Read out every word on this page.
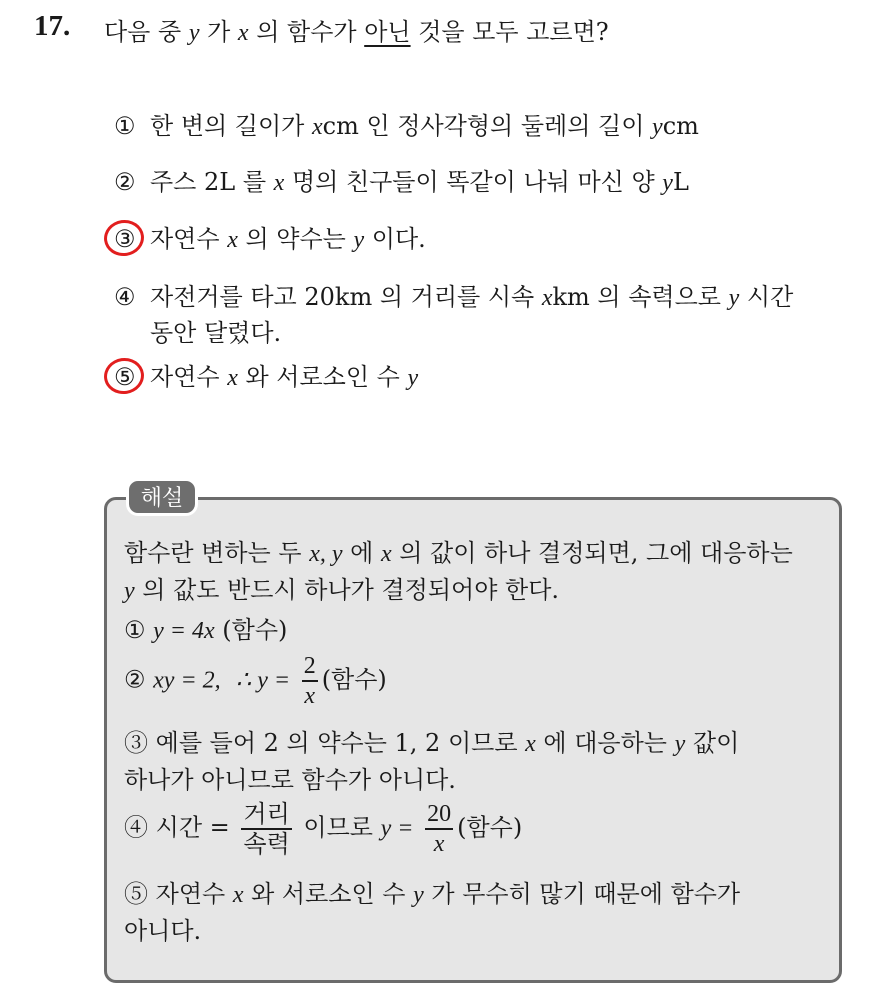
17. 다음 중 y 가 x 의 함수가 아닌 것을 모두 고르면?
① 한 변의 길이가 xcm 인 정사각형의 둘레의 길이 ycm
② 주스 2L 를 x 명의 친구들이 똑같이 나눠 마신 양 yL
③ 자연수 x 의 약수는 y 이다.
④ 자전거를 타고 20km 의 거리를 시속 xkm 의 속력으로 y 시간
동안 달렸다.
⑤ 자연수 x 와 서로소인 수 y
해설
함수란 변하는 두 x, y 에 x 의 값이 하나 결정되면, 그에 대응하는
y 의 값도 반드시 하나가 결정되어야 한다.
① y = 4x (함수)
② xy = 2, ∴ $y = \frac{2}{x}$ (함수)
③ 예를 들어 2 의 약수는 1, 2 이므로 x 에 대응하는 y 값이
하나가 아니므로 함수가 아니다.
④ 시간 = $\frac{\text{거리}}{\text{속력}}$ 이므로 $y = \frac{20}{x}$ (함수)
⑤ 자연수 x 와 서로소인 수 y 가 무수히 많기 때문에 함수가
아니다.
